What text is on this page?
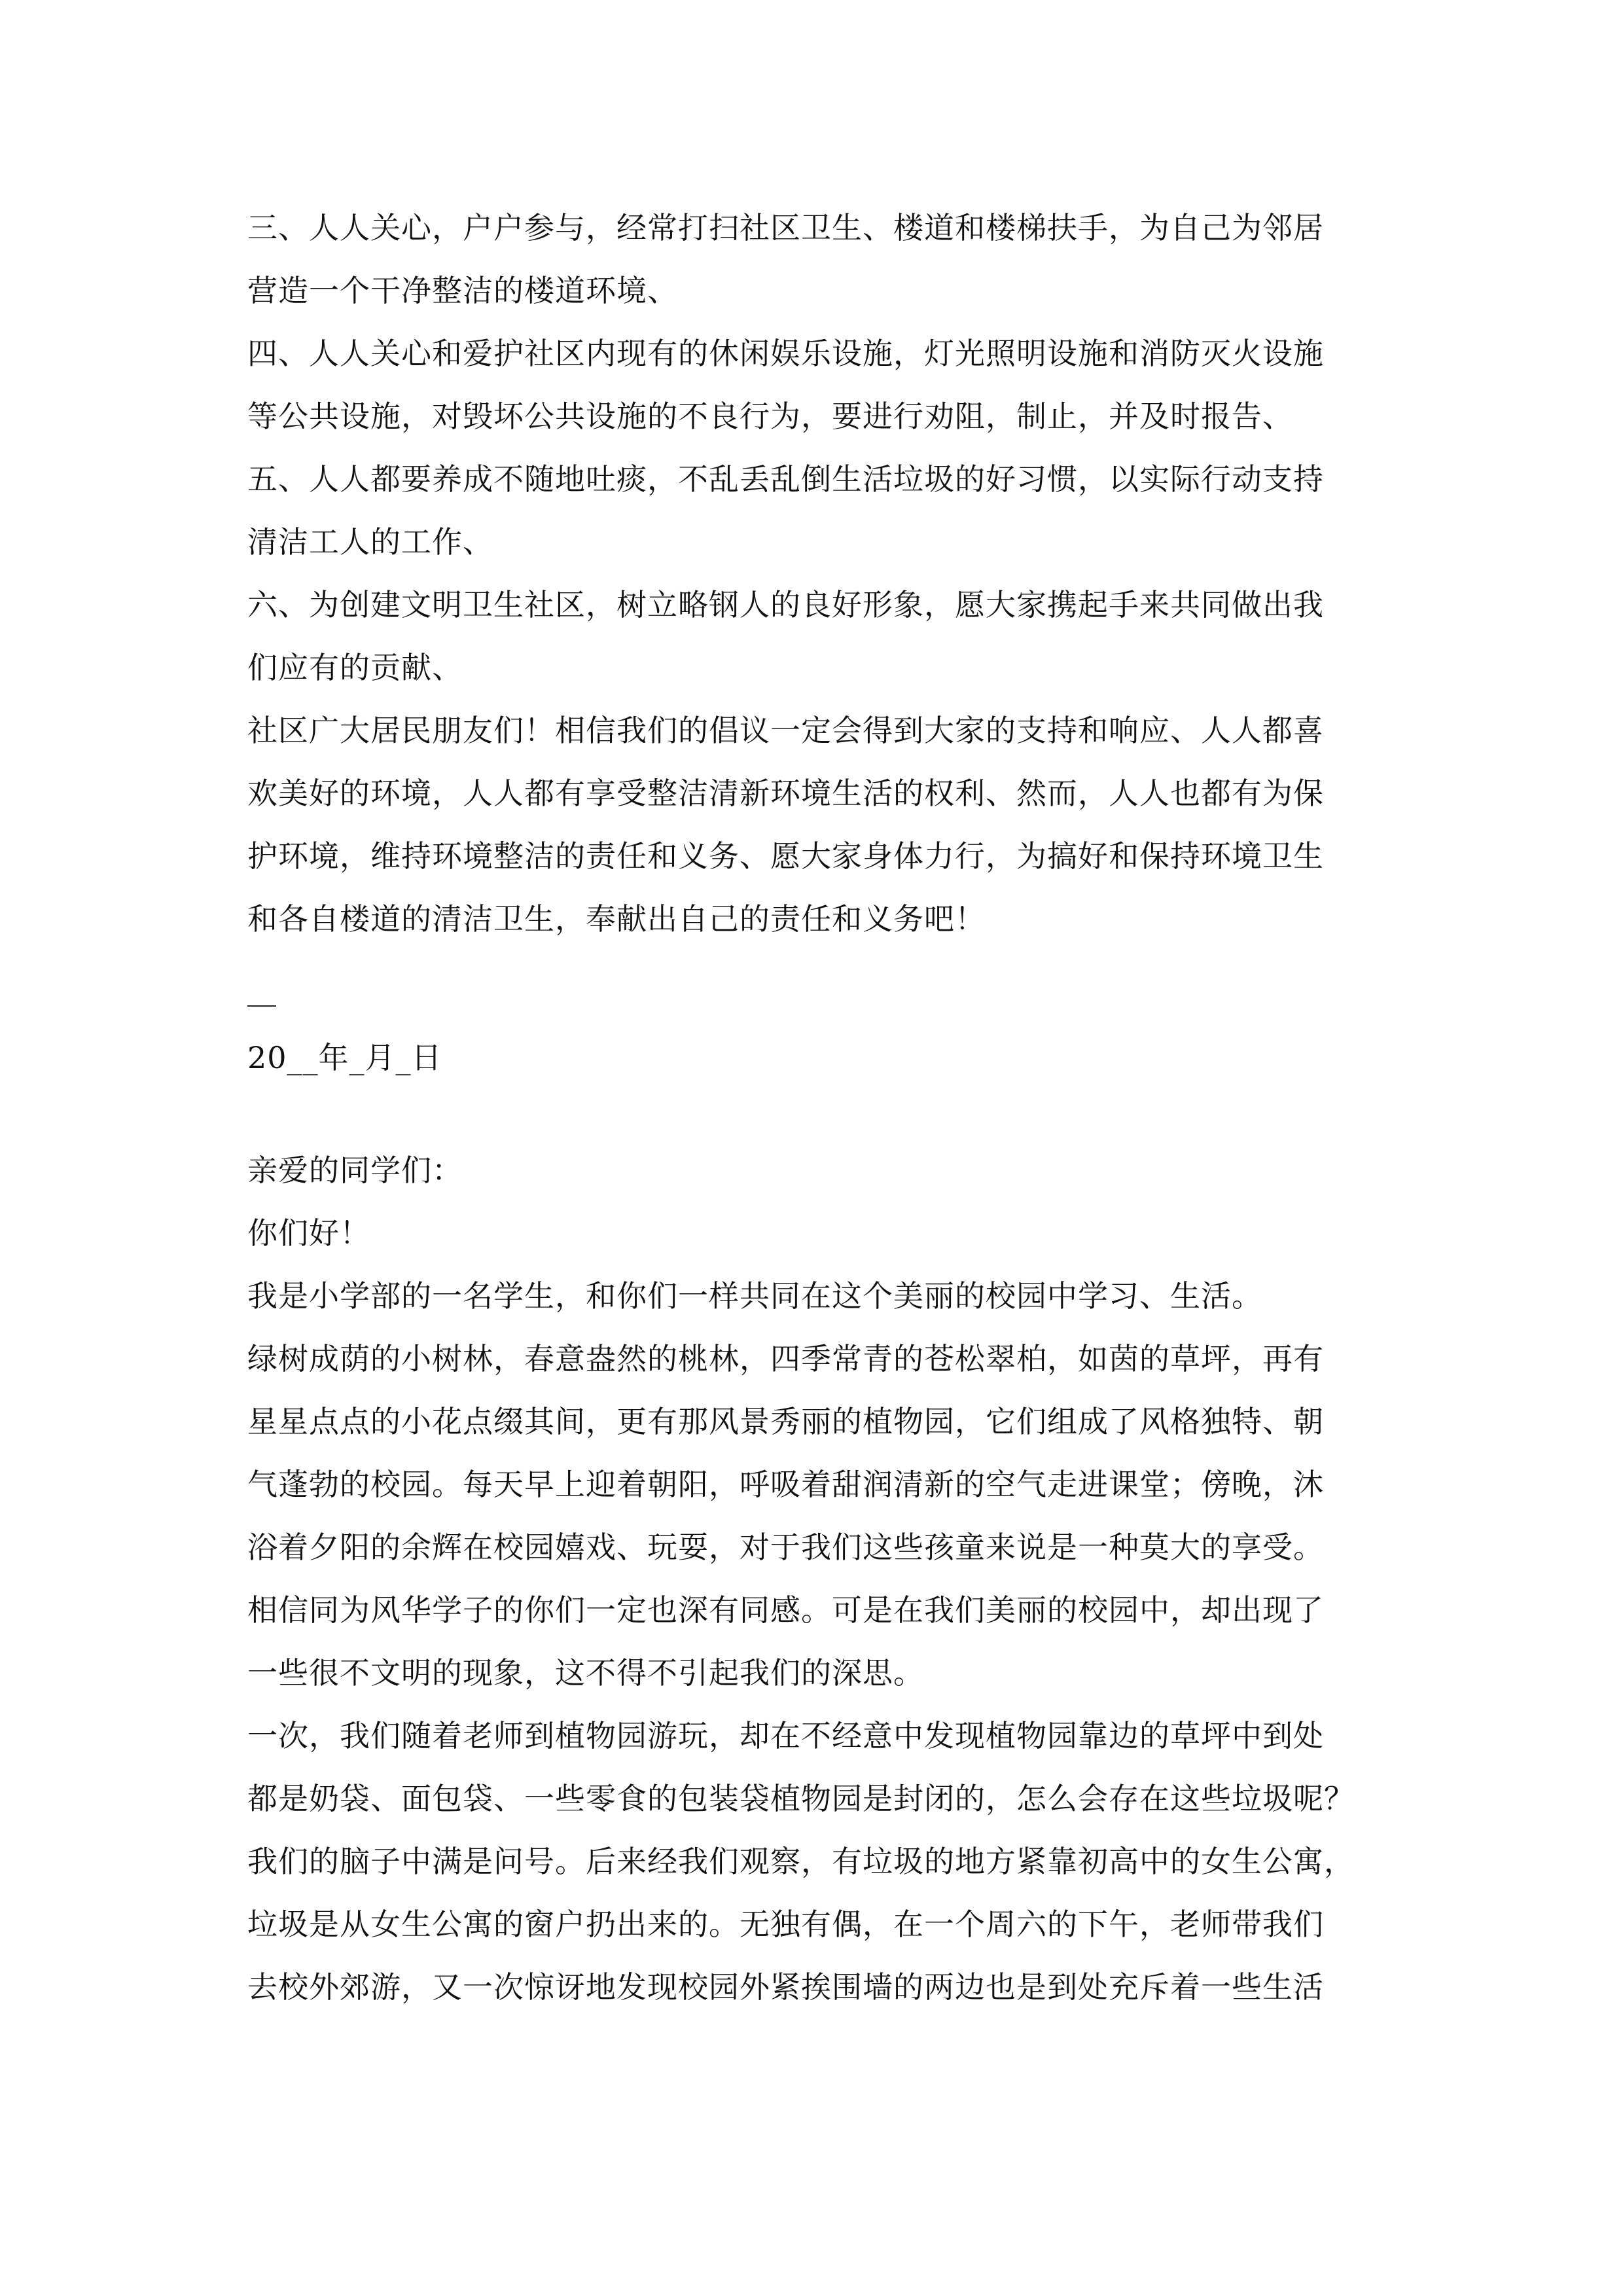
三、人人关心，户户参与，经常打扫社区卫生、楼道和楼梯扶手，为自己为邻居
营造一个干净整洁的楼道环境、
四、人人关心和爱护社区内现有的休闲娱乐设施，灯光照明设施和消防灭火设施
等公共设施，对毁坏公共设施的不良行为，要进行劝阻，制止，并及时报告、
五、人人都要养成不随地吐痰，不乱丢乱倒生活垃圾的好习惯，以实际行动支持
清洁工人的工作、
六、为创建文明卫生社区，树立略钢人的良好形象，愿大家携起手来共同做出我
们应有的贡献、
社区广大居民朋友们！相信我们的倡议一定会得到大家的支持和响应、人人都喜
欢美好的环境，人人都有享受整洁清新环境生活的权利、然而，人人也都有为保
护环境，维持环境整洁的责任和义务、愿大家身体力行，为搞好和保持环境卫生
和各自楼道的清洁卫生，奉献出自己的责任和义务吧！
20__年_月_日
亲爱的同学们：
你们好！
我是小学部的一名学生，和你们一样共同在这个美丽的校园中学习、生活。
绿树成荫的小树林，春意盎然的桃林，四季常青的苍松翠柏，如茵的草坪，再有
星星点点的小花点缀其间，更有那风景秀丽的植物园，它们组成了风格独特、朝
气蓬勃的校园。每天早上迎着朝阳，呼吸着甜润清新的空气走进课堂；傍晚，沐
浴着夕阳的余辉在校园嬉戏、玩耍，对于我们这些孩童来说是一种莫大的享受。
相信同为风华学子的你们一定也深有同感。可是在我们美丽的校园中，却出现了
一些很不文明的现象，这不得不引起我们的深思。
一次，我们随着老师到植物园游玩，却在不经意中发现植物园靠边的草坪中到处
都是奶袋、面包袋、一些零食的包装袋植物园是封闭的，怎么会存在这些垃圾呢？
我们的脑子中满是问号。后来经我们观察，有垃圾的地方紧靠初高中的女生公寓，
垃圾是从女生公寓的窗户扔出来的。无独有偶，在一个周六的下午，老师带我们
去校外郊游，又一次惊讶地发现校园外紧挨围墙的两边也是到处充斥着一些生活
